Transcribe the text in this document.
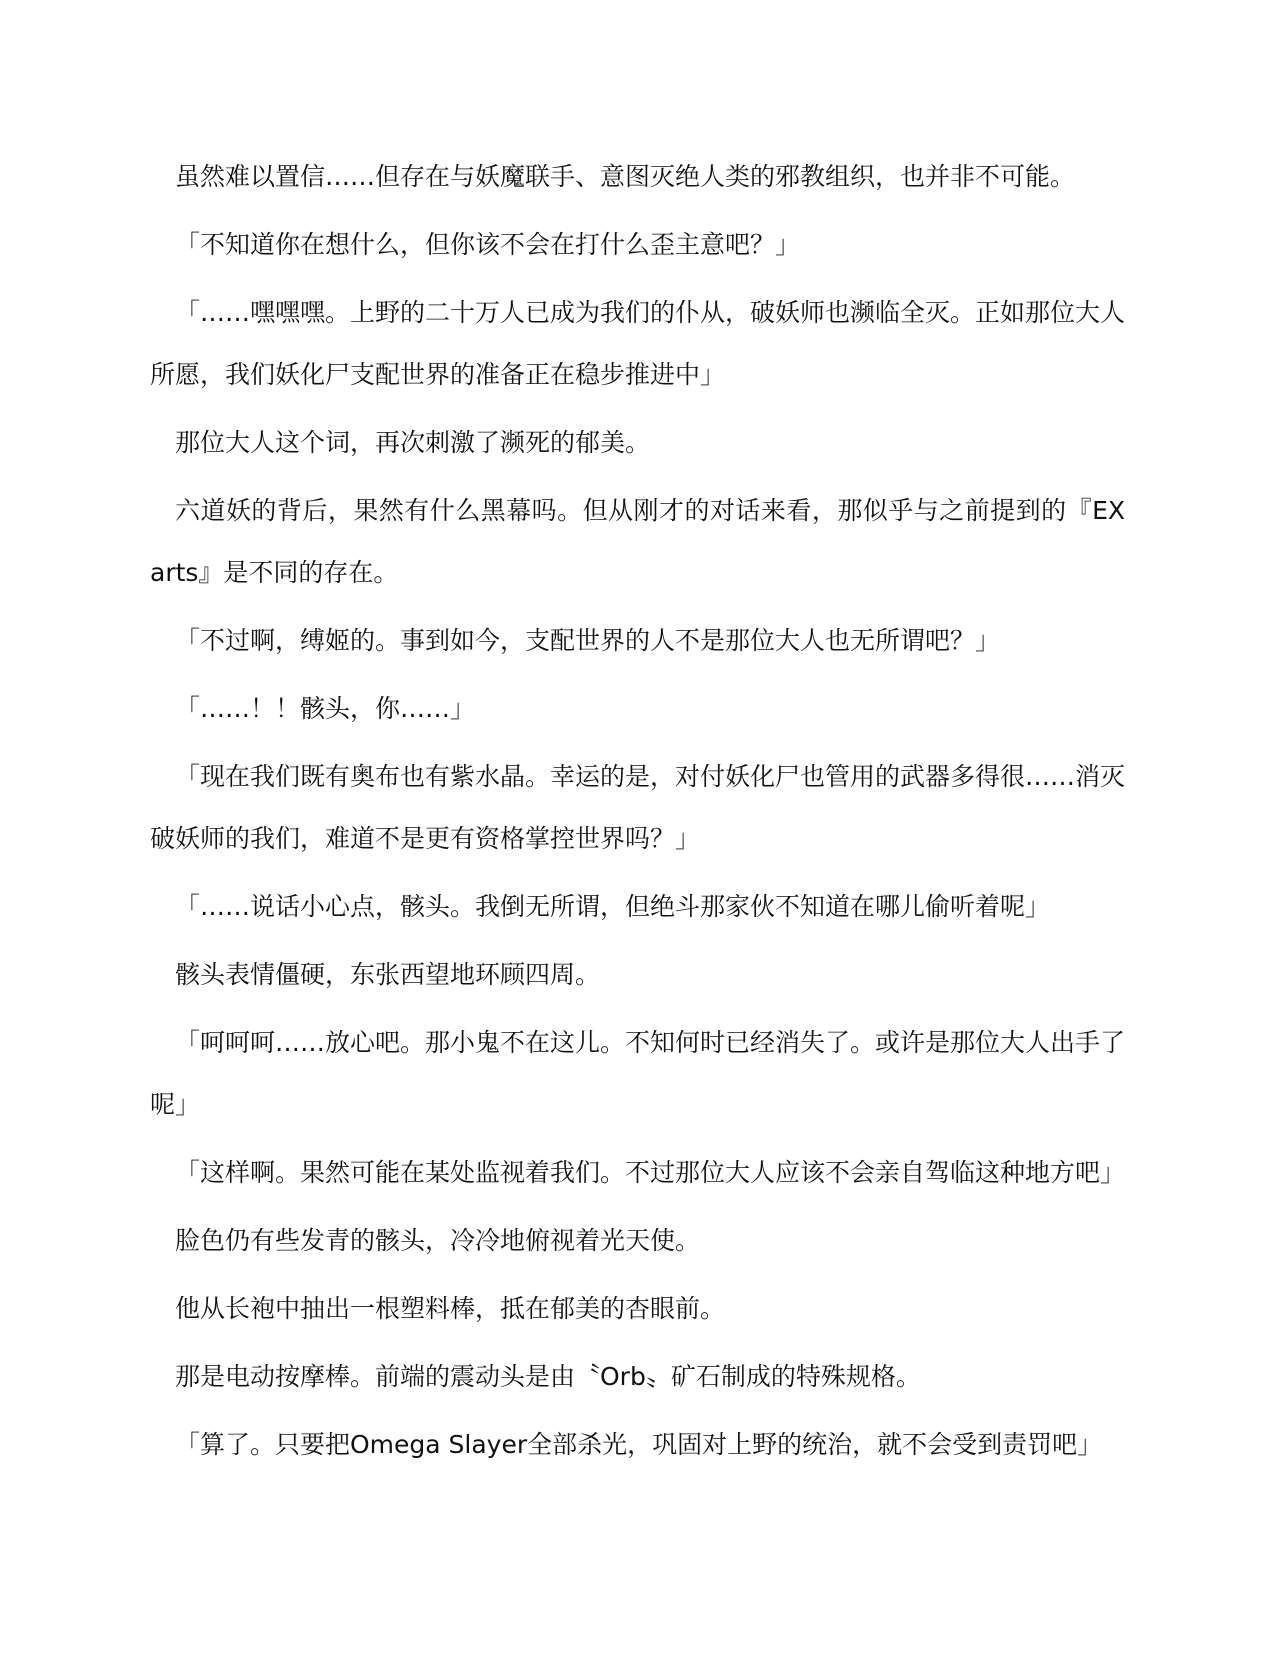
虽然难以置信……但存在与妖魔联手、意图灭绝人类的邪教组织，也并非不可能。

「不知道你在想什么，但你该不会在打什么歪主意吧？」

「……嘿嘿嘿。上野的二十万人已成为我们的仆从，破妖师也濒临全灭。正如那位大人所愿，我们妖化尸支配世界的准备正在稳步推进中」

那位大人这个词，再次刺激了濒死的郁美。

六道妖的背后，果然有什么黑幕吗。但从刚才的对话来看，那似乎与之前提到的『EX arts』是不同的存在。

「不过啊，缚姬的。事到如今，支配世界的人不是那位大人也无所谓吧？」

「……！！骸头，你……」

「现在我们既有奥布也有紫水晶。幸运的是，对付妖化尸也管用的武器多得很……消灭破妖师的我们，难道不是更有资格掌控世界吗？」

「……说话小心点，骸头。我倒无所谓，但绝斗那家伙不知道在哪儿偷听着呢」

骸头表情僵硬，东张西望地环顾四周。

「呵呵呵……放心吧。那小鬼不在这儿。不知何时已经消失了。或许是那位大人出手了呢」

「这样啊。果然可能在某处监视着我们。不过那位大人应该不会亲自驾临这种地方吧」

脸色仍有些发青的骸头，冷冷地俯视着光天使。

他从长袍中抽出一根塑料棒，抵在郁美的杏眼前。

那是电动按摩棒。前端的震动头是由〝Orb〟矿石制成的特殊规格。

「算了。只要把Omega Slayer全部杀光，巩固对上野的统治，就不会受到责罚吧」
